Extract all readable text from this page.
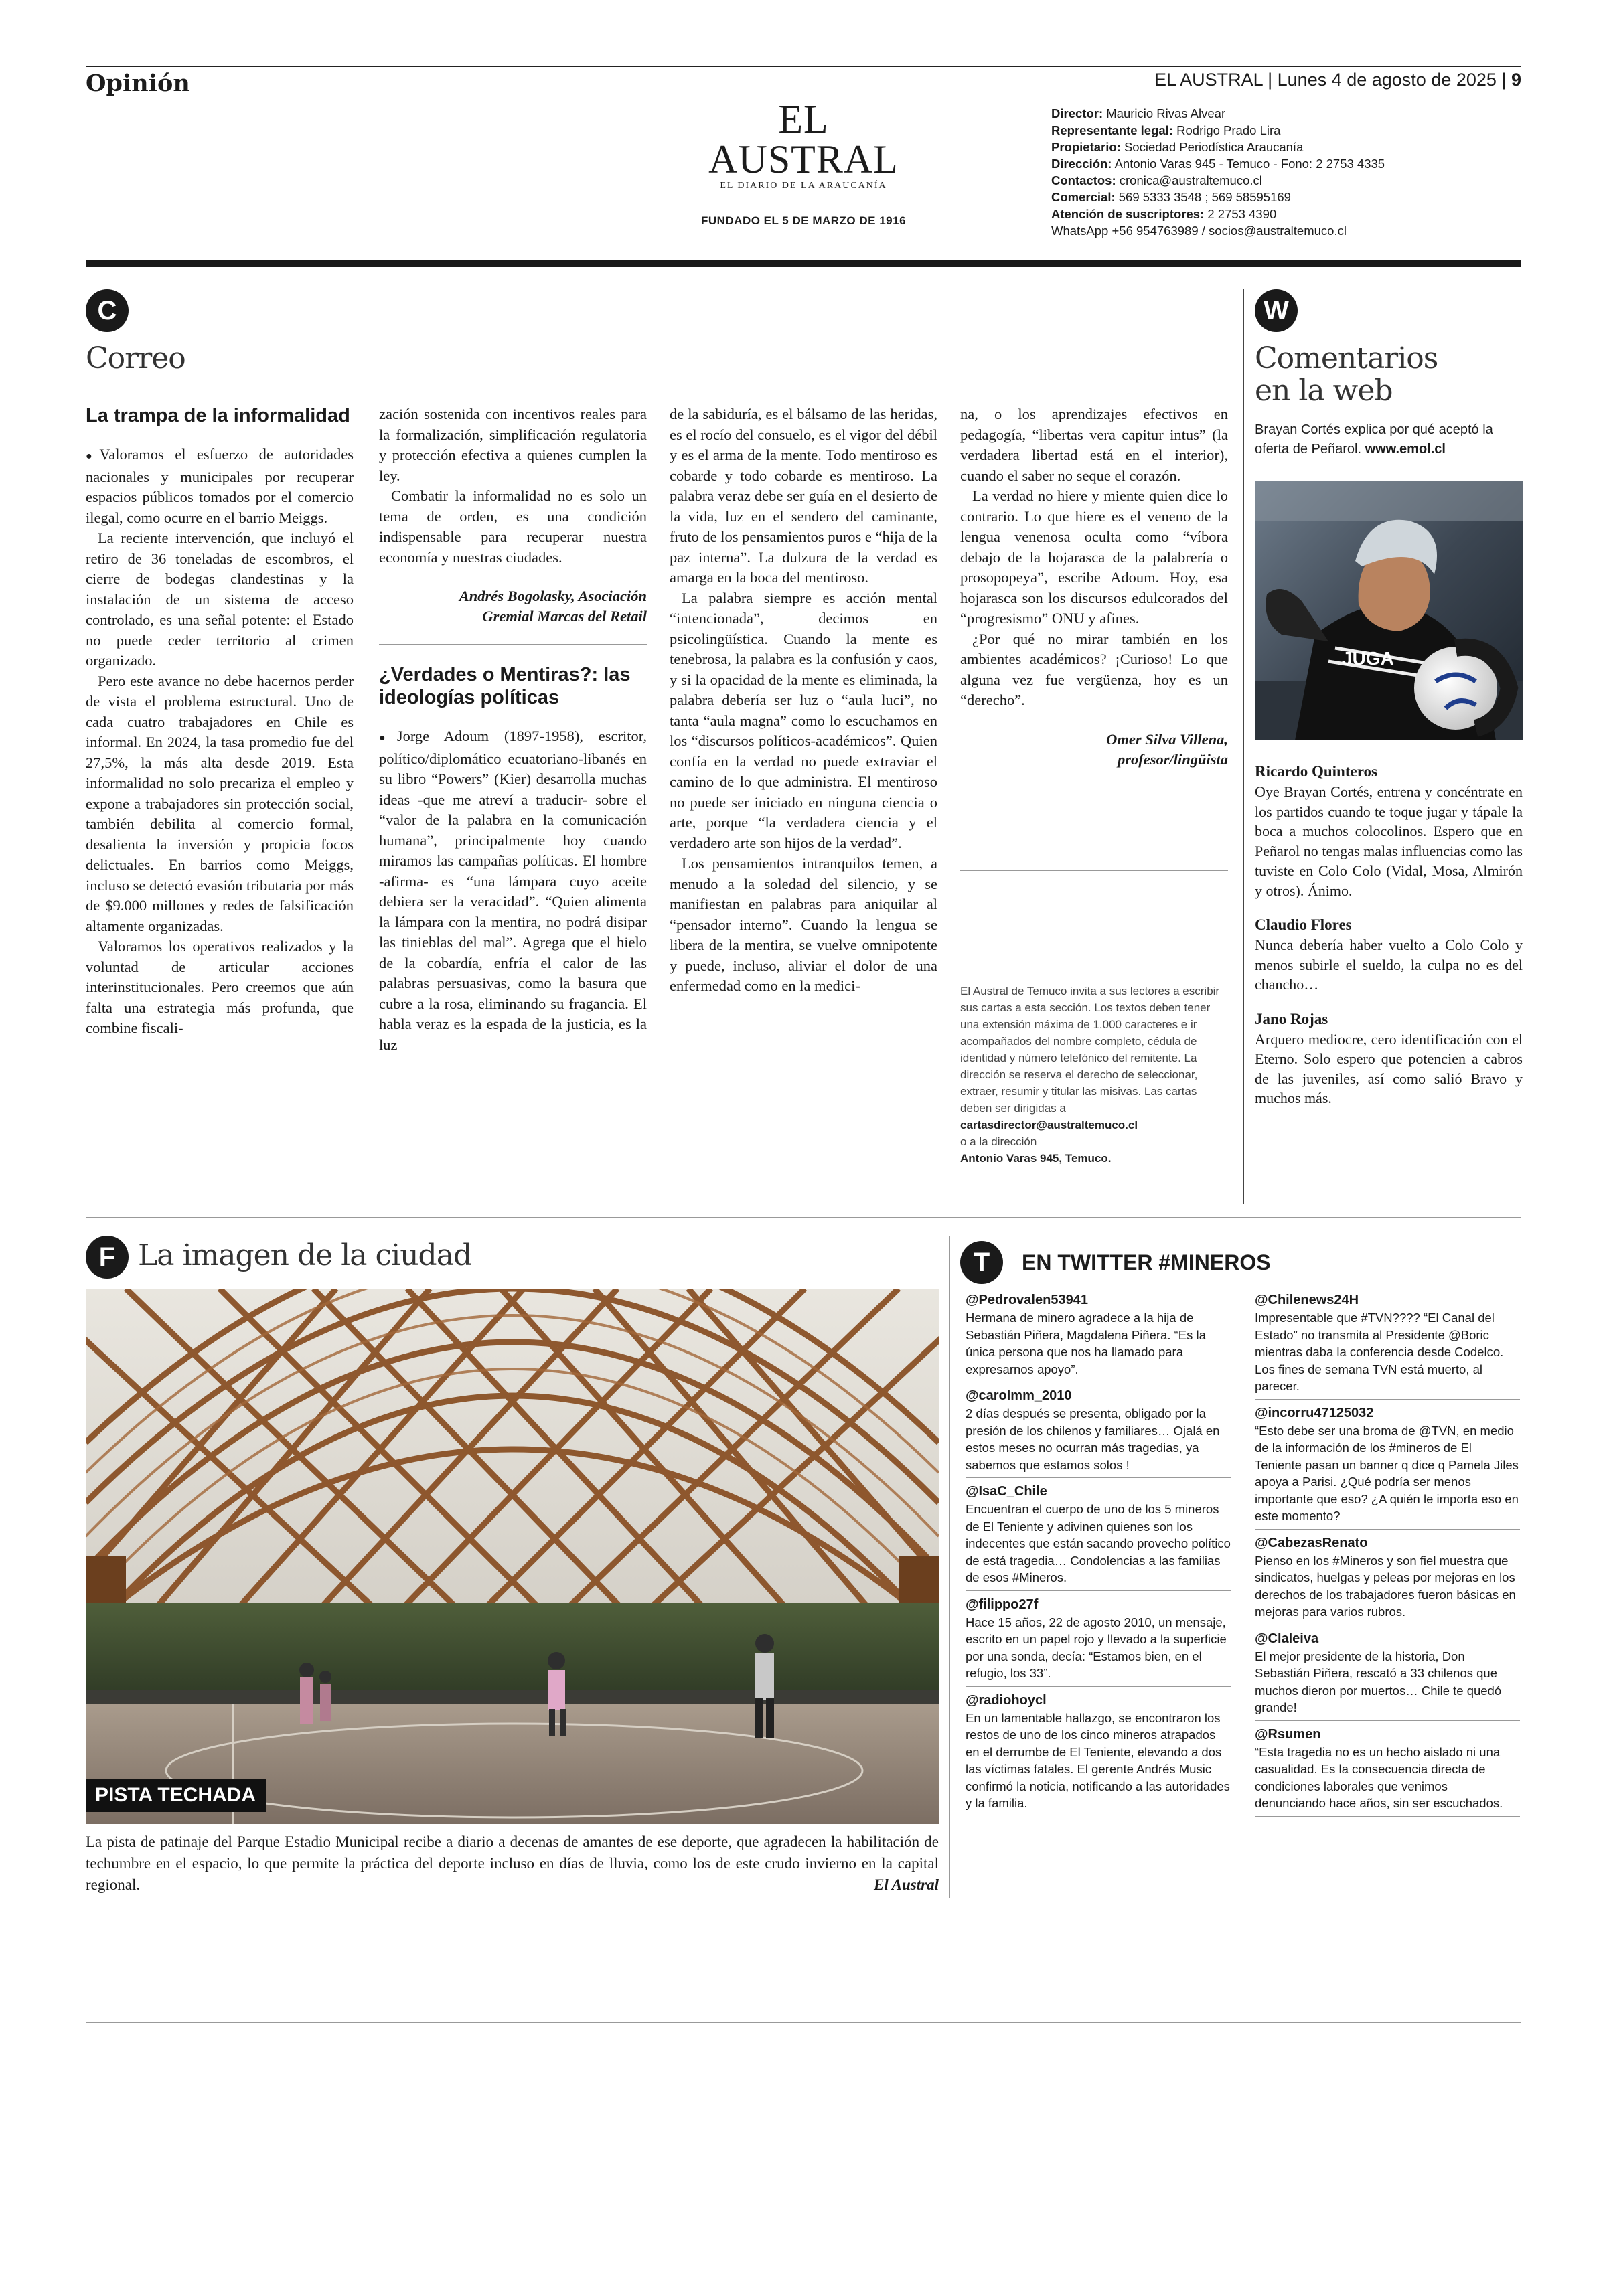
Opinión	EL AUSTRAL | Lunes 4 de agosto de 2025 | 9
EL AUSTRAL
EL DIARIO DE LA ARAUCANÍA
FUNDADO EL 5 DE MARZO DE 1916
Director: Mauricio Rivas Alvear
Representante legal: Rodrigo Prado Lira
Propietario: Sociedad Periodística Araucanía
Dirección: Antonio Varas 945 - Temuco - Fono: 2 2753 4335
Contactos: cronica@australtemuco.cl
Comercial: 569 5333 3548 ; 569 58595169
Atención de suscriptores: 2 2753 4390
WhatsApp +56 954763989 / socios@australtemuco.cl
C
Correo
La trampa de la informalidad

● Valoramos el esfuerzo de autoridades nacionales y municipales por recuperar espacios públicos tomados por el comercio ilegal, como ocurre en el barrio Meiggs.

La reciente intervención, que incluyó el retiro de 36 toneladas de escombros, el cierre de bodegas clandestinas y la instalación de un sistema de acceso controlado, es una señal potente: el Estado no puede ceder territorio al crimen organizado.

Pero este avance no debe hacernos perder de vista el problema estructural. Uno de cada cuatro trabajadores en Chile es informal. En 2024, la tasa promedio fue del 27,5%, la más alta desde 2019. Esta informalidad no solo precariza el empleo y expone a trabajadores sin protección social, también debilita al comercio formal, desalienta la inversión y propicia focos delictuales. En barrios como Meiggs, incluso se detectó evasión tributaria por más de $9.000 millones y redes de falsificación altamente organizadas.

Valoramos los operativos realizados y la voluntad de articular acciones interinstitucionales. Pero creemos que aún falta una estrategia más profunda, que combine fiscali-

zación sostenida con incentivos reales para la formalización, simplificación regulatoria y protección efectiva a quienes cumplen la ley.

Combatir la informalidad no es solo un tema de orden, es una condición indispensable para recuperar nuestra economía y nuestras ciudades.

Andrés Bogolasky, Asociación
Gremial Marcas del Retail
¿Verdades o Mentiras?: las ideologías políticas

● Jorge Adoum (1897-1958), escritor, político/diplomático ecuatoriano-libanés en su libro “Powers” (Kier) desarrolla muchas ideas -que me atreví a traducir- sobre el “valor de la palabra en la comunicación humana”, principalmente hoy cuando miramos las campañas políticas. El hombre -afirma- es “una lámpara cuyo aceite debiera ser la veracidad”. “Quien alimenta la lámpara con la mentira, no podrá disipar las tinieblas del mal”. Agrega que el hielo de la cobardía, enfría el calor de las palabras persuasivas, como la basura que cubre a la rosa, eliminando su fragancia. El habla veraz es la espada de la justicia, es la luz

de la sabiduría, es el bálsamo de las heridas, es el rocío del consuelo, es el vigor del débil y es el arma de la mente. Todo mentiroso es cobarde y todo cobarde es mentiroso. La palabra veraz debe ser guía en el desierto de la vida, luz en el sendero del caminante, fruto de los pensamientos puros e “hija de la paz interna”. La dulzura de la verdad es amarga en la boca del mentiroso.

La palabra siempre es acción mental “intencionada”, decimos en psicolingüística. Cuando la mente es tenebrosa, la palabra es la confusión y caos, y si la opacidad de la mente es eliminada, la palabra debería ser luz o “aula luci”, no tanta “aula magna” como lo escuchamos en los “discursos políticos-académicos”. Quien confía en la verdad no puede extraviar el camino de lo que administra. El mentiroso no puede ser iniciado en ninguna ciencia o arte, porque “la verdadera ciencia y el verdadero arte son hijos de la verdad”.

Los pensamientos intranquilos temen, a menudo a la soledad del silencio, y se manifiestan en palabras para aniquilar al “pensador interno”. Cuando la lengua se libera de la mentira, se vuelve omnipotente y puede, incluso, aliviar el dolor de una enfermedad como en la medici-

na, o los aprendizajes efectivos en pedagogía, “libertas vera capitur intus” (la verdadera libertad está en el interior), cuando el saber no seque el corazón.

La verdad no hiere y miente quien dice lo contrario. Lo que hiere es el veneno de la lengua venenosa oculta como “víbora debajo de la hojarasca de la palabrería o prosopopeya”, escribe Adoum. Hoy, esa hojarasca son los discursos edulcorados del “progresismo” ONU y afines.

¿Por qué no mirar también en los ambientes académicos? ¡Curioso! Lo que alguna vez fue vergüenza, hoy es un “derecho”.

Omer Silva Villena,
profesor/lingüista
El Austral de Temuco invita a sus lectores a escribir sus cartas a esta sección. Los textos deben tener una extensión máxima de 1.000 caracteres e ir acompañados del nombre completo, cédula de identidad y número telefónico del remitente. La dirección se reserva el derecho de seleccionar, extraer, resumir y titular las misivas. Las cartas deben ser dirigidas a
cartasdirector@australtemuco.cl
o a la dirección
Antonio Varas 945, Temuco.
W
Comentarios
en la web
Brayan Cortés explica por qué aceptó la oferta de Peñarol. www.emol.cl
JUGA
Ricardo Quinteros
Oye Brayan Cortés, entrena y concéntrate en los partidos cuando te toque jugar y tápale la boca a muchos colocolinos. Espero que en Peñarol no tengas malas influencias como las tuviste en Colo Colo (Vidal, Mosa, Almirón y otros). Ánimo.
Claudio Flores
Nunca debería haber vuelto a Colo Colo y menos subirle el sueldo, la culpa no es del chancho…
Jano Rojas
Arquero mediocre, cero identificación con el Eterno. Solo espero que potencien a cabros de las juveniles, así como salió Bravo y muchos más.
F La imagen de la ciudad
PISTA TECHADA
La pista de patinaje del Parque Estadio Municipal recibe a diario a decenas de amantes de ese deporte, que agradecen la habilitación de techumbre en el espacio, lo que permite la práctica del deporte incluso en días de lluvia, como los de este crudo invierno en la capital regional.	El Austral
T	EN TWITTER #MINEROS
@Pedrovalen53941
Hermana de minero agradece a la hija de Sebastián Piñera, Magdalena Piñera. “Es la única persona que nos ha llamado para expresarnos apoyo”.
@carolmm_2010
2 días después se presenta, obligado por la presión de los chilenos y familiares… Ojalá en estos meses no ocurran más tragedias, ya sabemos que estamos solos !
@IsaC_Chile
Encuentran el cuerpo de uno de los 5 mineros de El Teniente y adivinen quienes son los indecentes que están sacando provecho político de está tragedia… Condolencias a las familias de esos #Mineros.
@filippo27f
Hace 15 años, 22 de agosto 2010, un mensaje, escrito en un papel rojo y llevado a la superficie por una sonda, decía: “Estamos bien, en el refugio, los 33”.
@radiohoycl
En un lamentable hallazgo, se encontraron los restos de uno de los cinco mineros atrapados en el derrumbe de El Teniente, elevando a dos las víctimas fatales. El gerente Andrés Music confirmó la noticia, notificando a las autoridades y la familia.
@Chilenews24H
Impresentable que #TVN???? “El Canal del Estado” no transmita al Presidente @Boric mientras daba la conferencia desde Codelco. Los fines de semana TVN está muerto, al parecer.
@incorru47125032
“Esto debe ser una broma de @TVN, en medio de la información de los #mineros de El Teniente pasan un banner q dice q Pamela Jiles apoya a Parisi. ¿Qué podría ser menos importante que eso? ¿A quién le importa eso en este momento?
@CabezasRenato
Pienso en los #Mineros y son fiel muestra que sindicatos, huelgas y peleas por mejoras en los derechos de los trabajadores fueron básicas en mejoras para varios rubros.
@Claleiva
El mejor presidente de la historia, Don Sebastián Piñera, rescató a 33 chilenos que muchos dieron por muertos… Chile te quedó grande!
@Rsumen
“Esta tragedia no es un hecho aislado ni una casualidad. Es la consecuencia directa de condiciones laborales que venimos denunciando hace años, sin ser escuchados.
